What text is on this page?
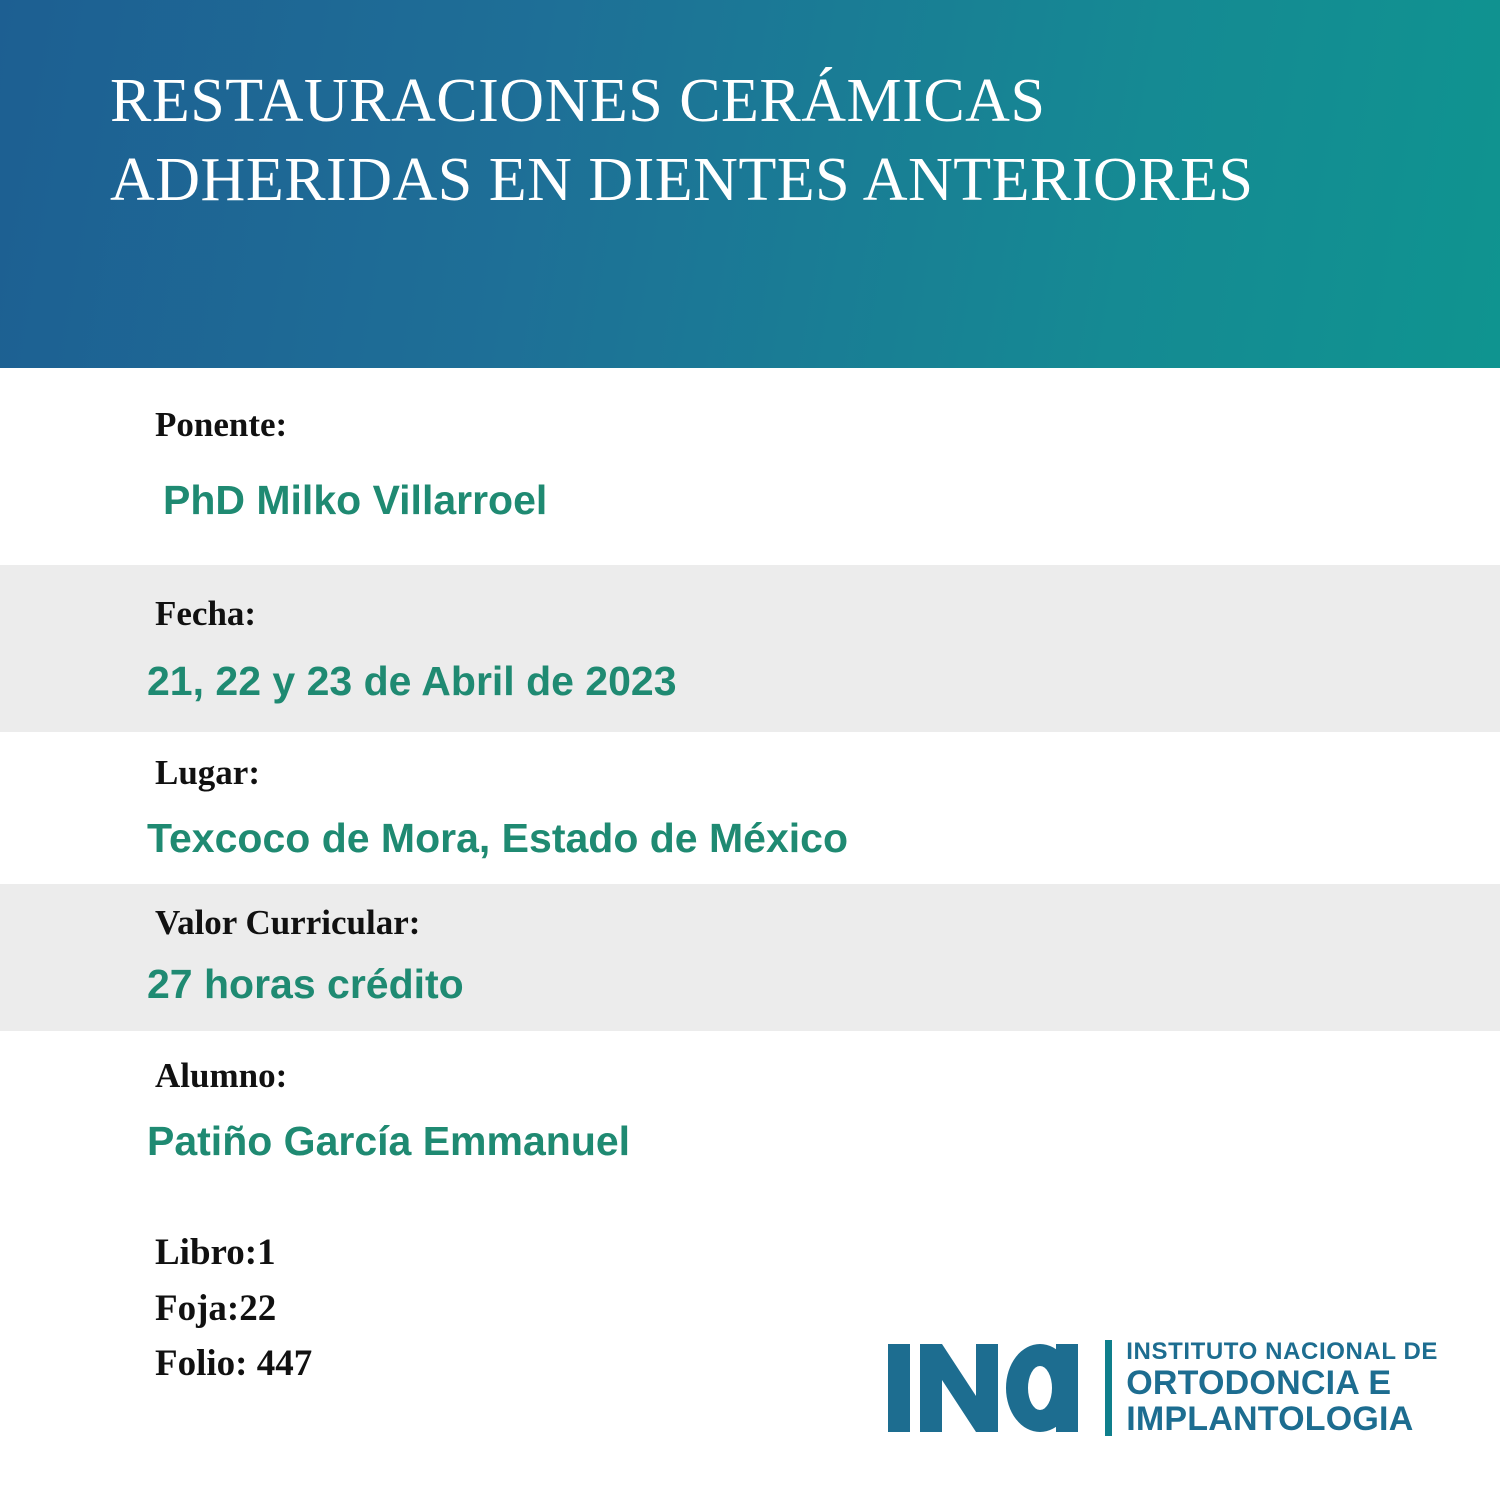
RESTAURACIONES CERÁMICAS ADHERIDAS EN DIENTES ANTERIORES
Ponente:
PhD Milko Villarroel
Fecha:
21, 22 y 23 de Abril de 2023
Lugar:
Texcoco de Mora, Estado de México
Valor Curricular:
27 horas crédito
Alumno:
Patiño García Emmanuel
Libro:1
Foja:22
Folio: 447	INSTITUTO NACIONAL DE
ORTODONCIA E
IMPLANTOLOGIA
